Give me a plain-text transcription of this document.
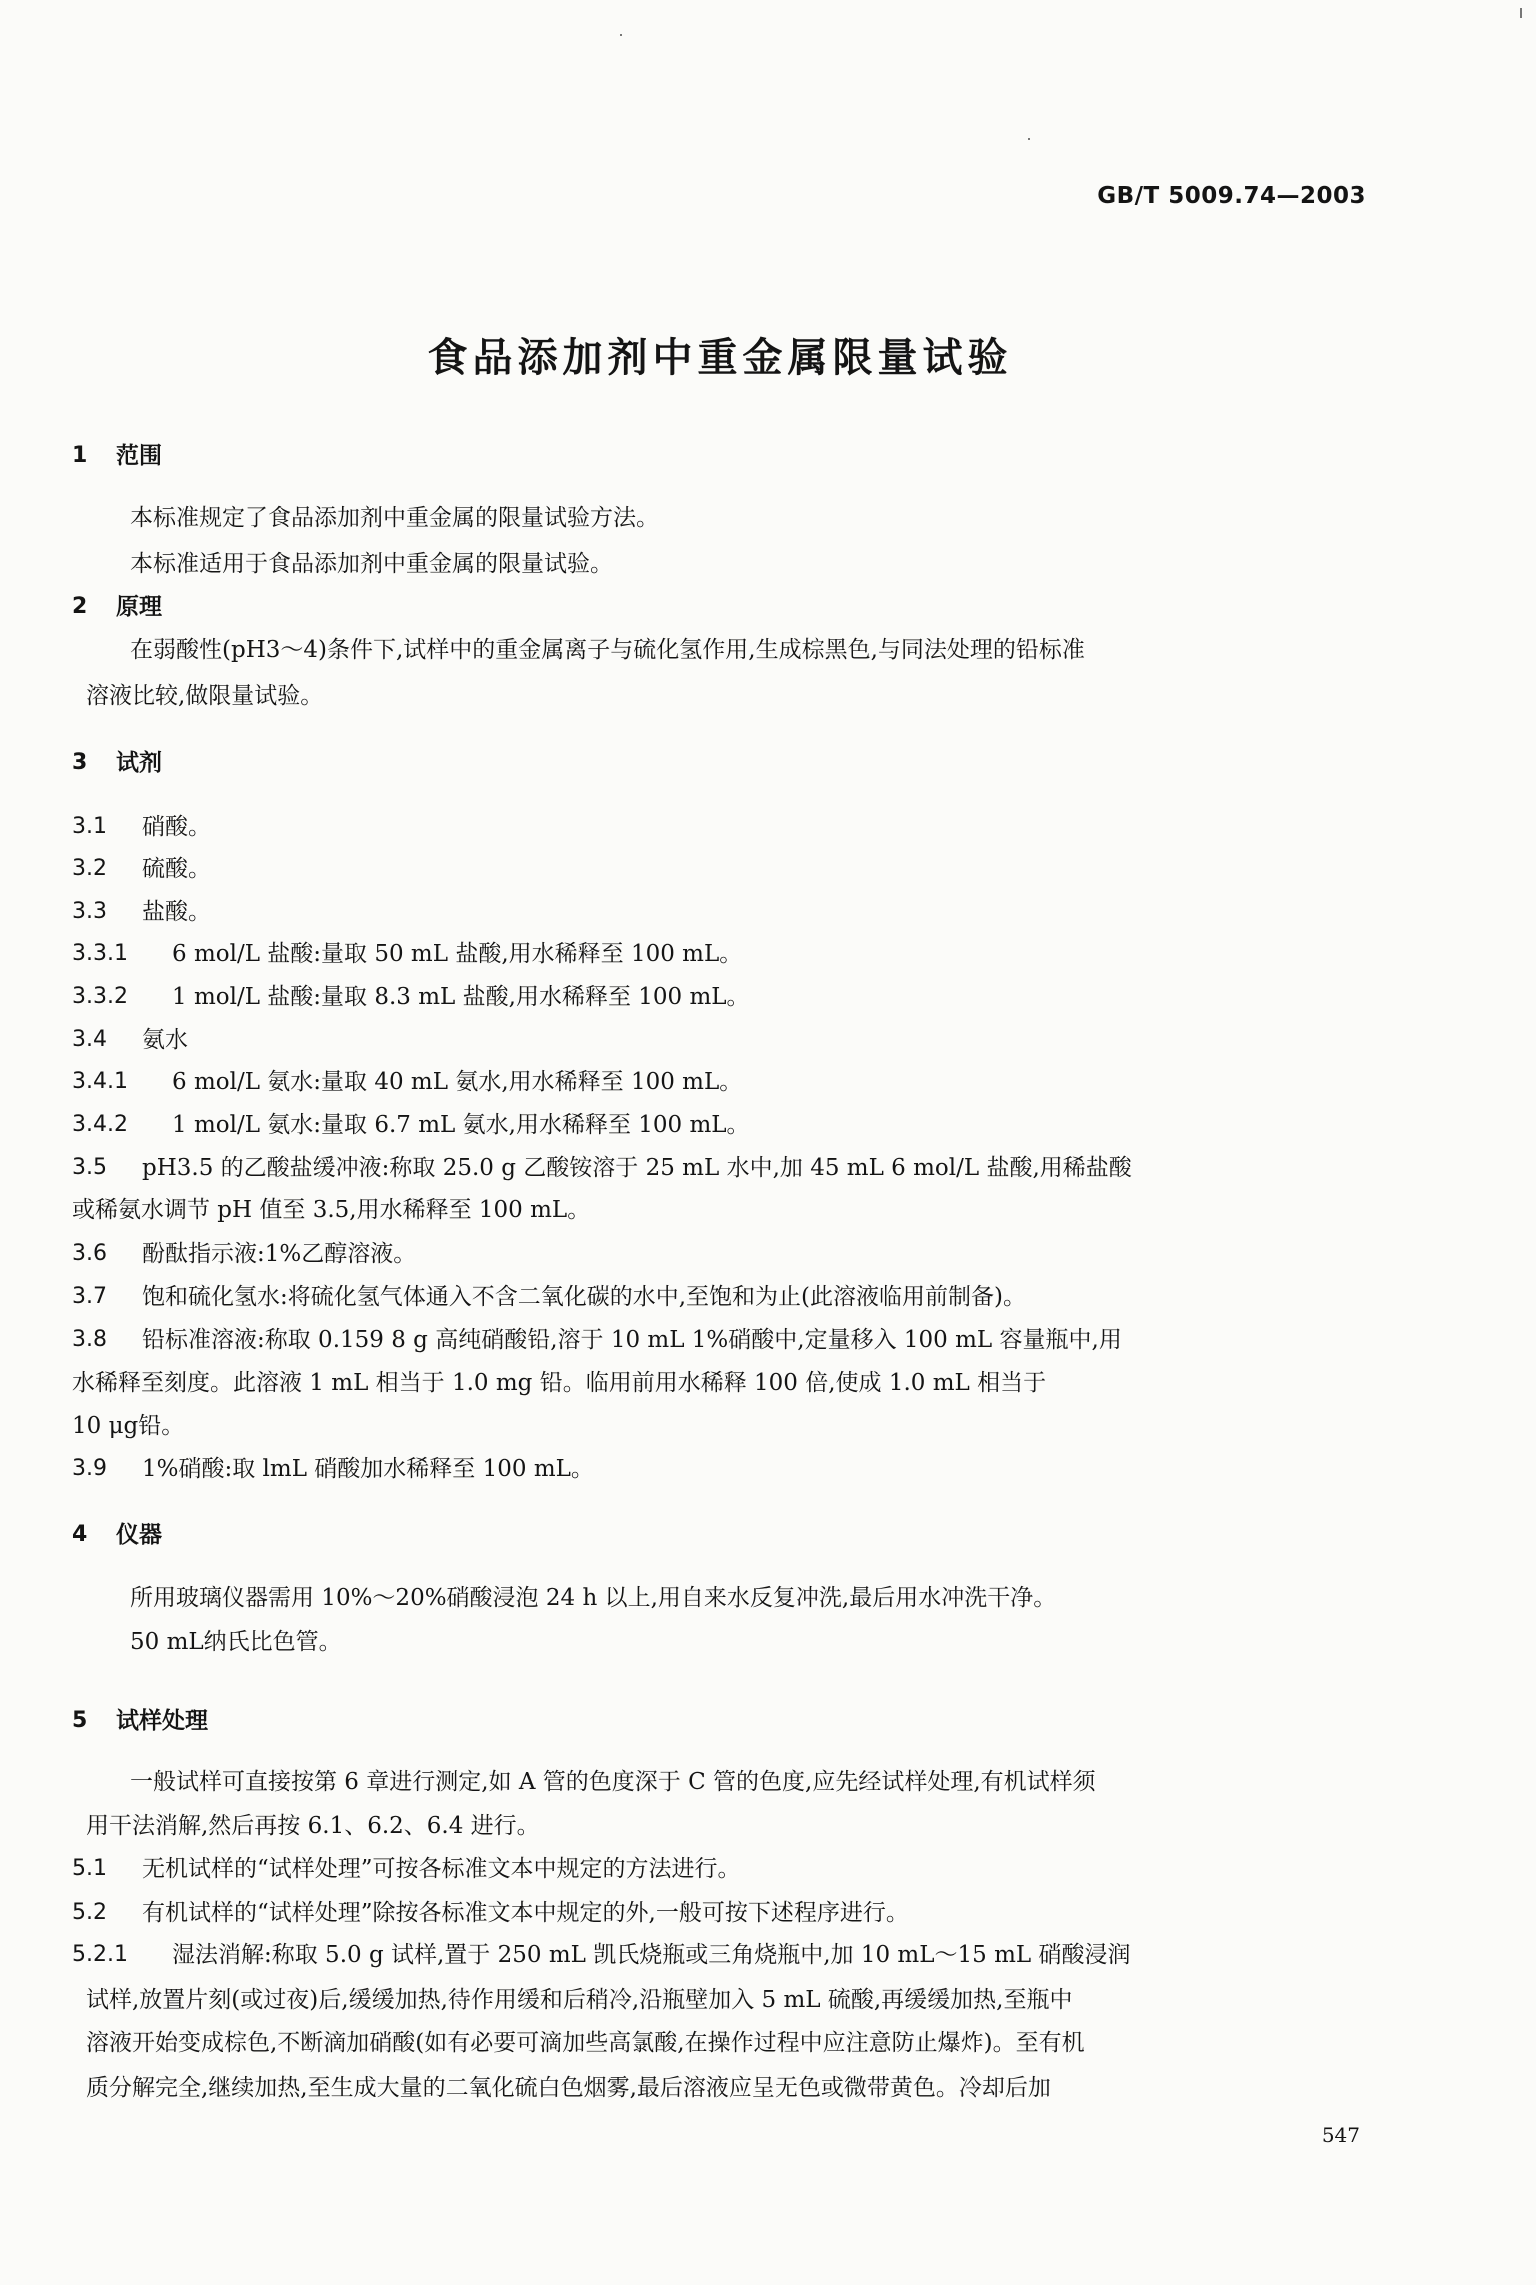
GB/T 5009.74—2003
食品添加剂中重金属限量试验
1 范围
本标准规定了食品添加剂中重金属的限量试验方法。
本标准适用于食品添加剂中重金属的限量试验。
2 原理
在弱酸性(pH3～4)条件下,试样中的重金属离子与硫化氢作用,生成棕黑色,与同法处理的铅标准
溶液比较,做限量试验。
3 试剂
3.1 硝酸。
3.2 硫酸。
3.3 盐酸。
3.3.1 6 mol/L 盐酸:量取 50 mL 盐酸,用水稀释至 100 mL。
3.3.2 1 mol/L 盐酸:量取 8.3 mL 盐酸,用水稀释至 100 mL。
3.4 氨水
3.4.1 6 mol/L 氨水:量取 40 mL 氨水,用水稀释至 100 mL。
3.4.2 1 mol/L 氨水:量取 6.7 mL 氨水,用水稀释至 100 mL。
3.5 pH3.5 的乙酸盐缓冲液:称取 25.0 g 乙酸铵溶于 25 mL 水中,加 45 mL 6 mol/L 盐酸,用稀盐酸
或稀氨水调节 pH 值至 3.5,用水稀释至 100 mL。
3.6 酚酞指示液:1%乙醇溶液。
3.7 饱和硫化氢水:将硫化氢气体通入不含二氧化碳的水中,至饱和为止(此溶液临用前制备)。
3.8 铅标准溶液:称取 0.159 8 g 高纯硝酸铅,溶于 10 mL 1%硝酸中,定量移入 100 mL 容量瓶中,用
水稀释至刻度。此溶液 1 mL 相当于 1.0 mg 铅。临用前用水稀释 100 倍,使成 1.0 mL 相当于
10 μg铅。
3.9 1%硝酸:取 lmL 硝酸加水稀释至 100 mL。
4 仪器
所用玻璃仪器需用 10%～20%硝酸浸泡 24 h 以上,用自来水反复冲洗,最后用水冲洗干净。
50 mL纳氏比色管。
5 试样处理
一般试样可直接按第 6 章进行测定,如 A 管的色度深于 C 管的色度,应先经试样处理,有机试样须
用干法消解,然后再按 6.1、6.2、6.4 进行。
5.1 无机试样的“试样处理”可按各标准文本中规定的方法进行。
5.2 有机试样的“试样处理”除按各标准文本中规定的外,一般可按下述程序进行。
5.2.1 湿法消解:称取 5.0 g 试样,置于 250 mL 凯氏烧瓶或三角烧瓶中,加 10 mL～15 mL 硝酸浸润
试样,放置片刻(或过夜)后,缓缓加热,待作用缓和后稍冷,沿瓶壁加入 5 mL 硫酸,再缓缓加热,至瓶中
溶液开始变成棕色,不断滴加硝酸(如有必要可滴加些高氯酸,在操作过程中应注意防止爆炸)。至有机
质分解完全,继续加热,至生成大量的二氧化硫白色烟雾,最后溶液应呈无色或微带黄色。冷却后加
547
